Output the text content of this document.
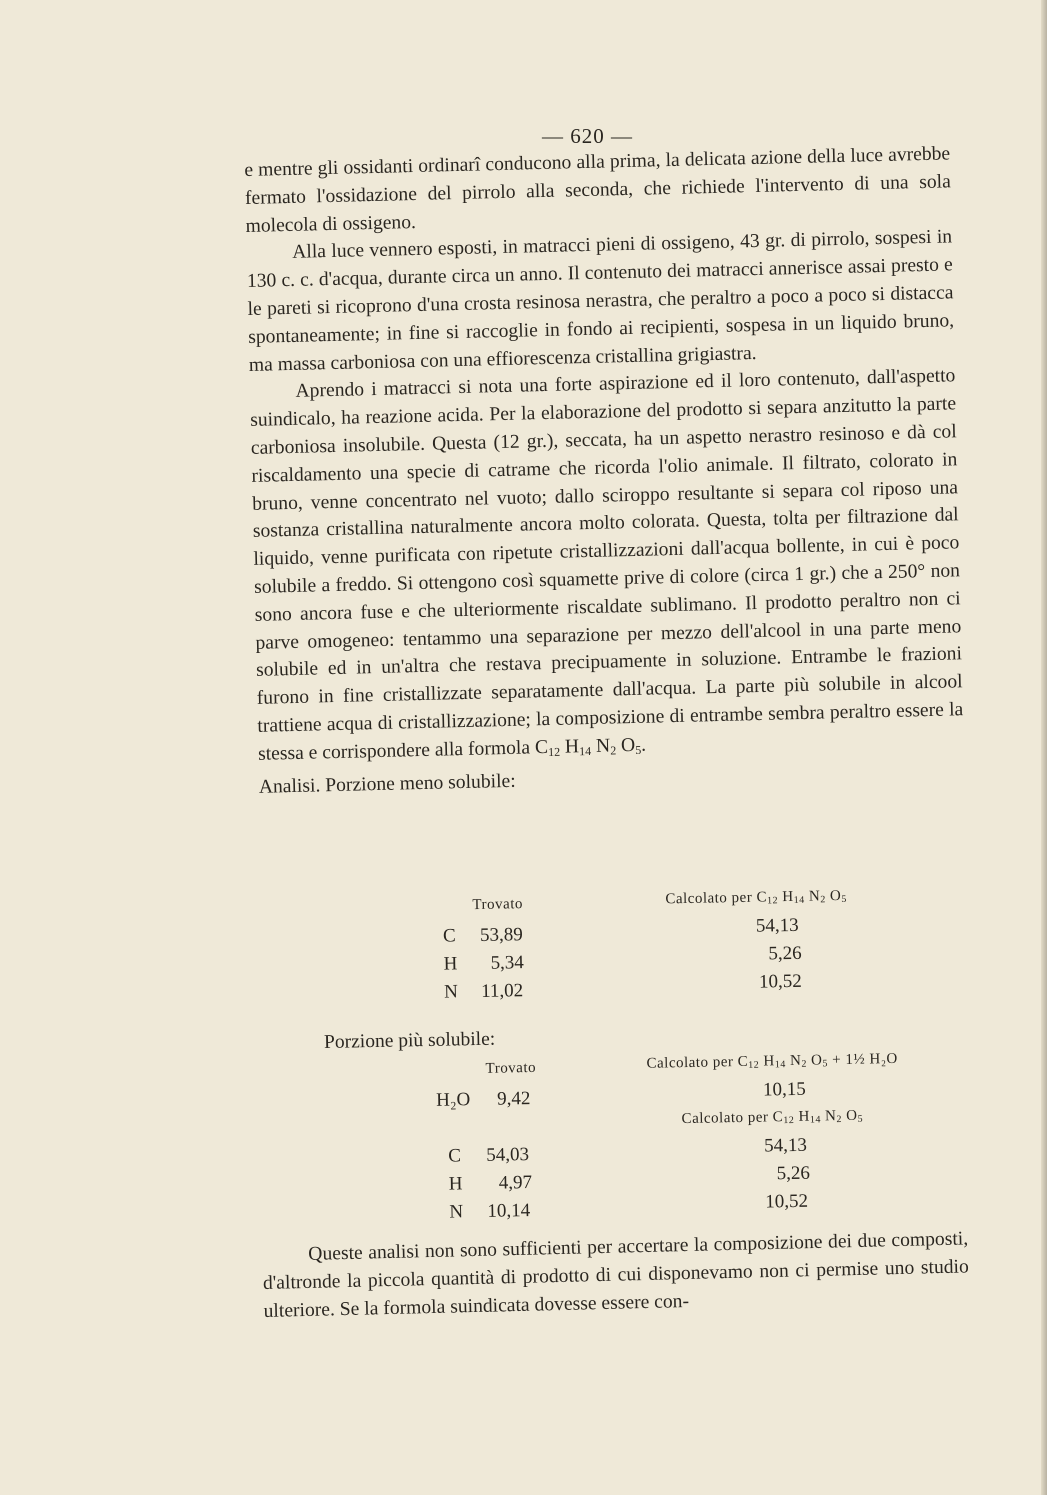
— 620 —

e mentre gli ossidanti ordinarî conducono alla prima, la delicata azione della luce avrebbe fermato l'ossidazione del pirrolo alla seconda, che richiede l'intervento di una sola molecola di ossigeno.

Alla luce vennero esposti, in matracci pieni di ossigeno, 43 gr. di pirrolo, sospesi in 130 c. c. d'acqua, durante circa un anno. Il contenuto dei matracci annerisce assai presto e le pareti si ricoprono d'una crosta resinosa nerastra, che peraltro a poco a poco si distacca spontaneamente; in fine si raccoglie in fondo ai recipienti, sospesa in un liquido bruno, ma massa carboniosa con una effiorescenza cristallina grigiastra.

Aprendo i matracci si nota una forte aspirazione ed il loro contenuto, dall'aspetto suindicalo, ha reazione acida. Per la elaborazione del prodotto si separa anzitutto la parte carboniosa insolubile. Questa (12 gr.), seccata, ha un aspetto nerastro resinoso e dà col riscaldamento una specie di catrame che ricorda l'olio animale. Il filtrato, colorato in bruno, venne concentrato nel vuoto; dallo sciroppo resultante si separa col riposo una sostanza cristallina naturalmente ancora molto colorata. Questa, tolta per filtrazione dal liquido, venne purificata con ripetute cristallizzazioni dall'acqua bollente, in cui è poco solubile a freddo. Si ottengono così squamette prive di colore (circa 1 gr.) che a 250° non sono ancora fuse e che ulteriormente riscaldate sublimano. Il prodotto peraltro non ci parve omogeneo: tentammo una separazione per mezzo dell'alcool in una parte meno solubile ed in un'altra che restava precipuamente in soluzione. Entrambe le frazioni furono in fine cristallizzate separatamente dall'acqua. La parte più solubile in alcool trattiene acqua di cristallizzazione; la composizione di entrambe sembra peraltro essere la stessa e corrispondere alla formola $C_{12}$ $H_{14}$ $N_2$ $O_5$.

Analisi. Porzione meno solubile:

Trovato	Calcolato per $C_{12}$ $H_{14}$ $N_2$ $O_5$
C 53,89	54,13
H 5,34	5,26
N 11,02	10,52
Porzione più solubile:
Trovato	Calcolato per $C_{12}$ $H_{14}$ $N_2$ $O_5$ + 1½ H₂O
H₂O 9,42	10,15
Calcolato per $C_{12}$ $H_{14}$ $N_2$ $O_5$
C 54,03	54,13
H 4,97	5,26
N 10,14	10,52

Queste analisi non sono sufficienti per accertare la composizione dei due composti, d'altronde la piccola quantità di prodotto di cui disponevamo non ci permise uno studio ulteriore. Se la formola suindicata dovesse essere con-
